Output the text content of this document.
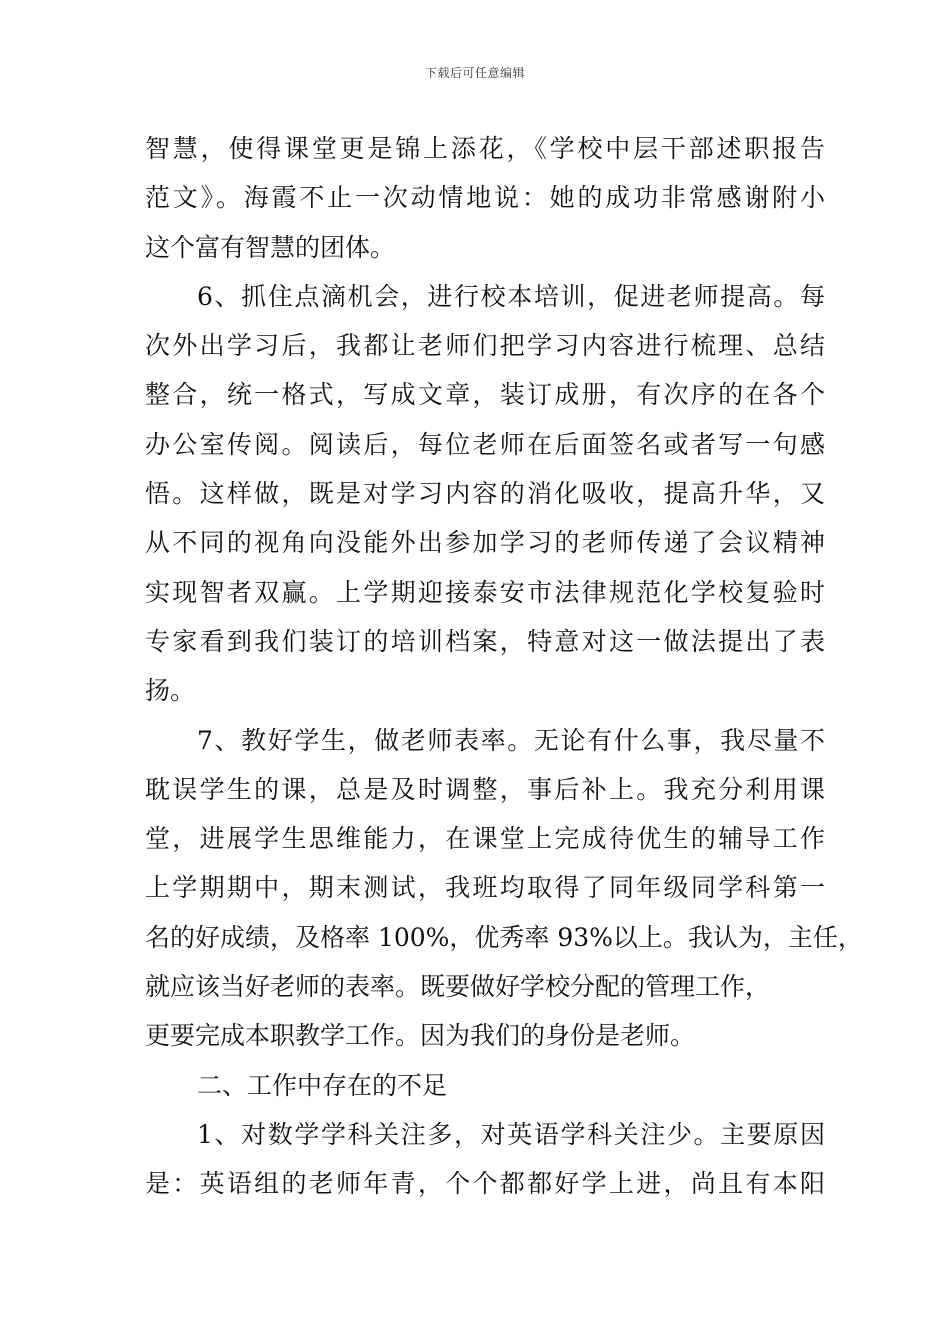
下载后可任意编辑
智慧，使得课堂更是锦上添花，《学校中层干部述职报告
范文》。海霞不止一次动情地说：她的成功非常感谢附小
这个富有智慧的团体。
6、抓住点滴机会，进行校本培训，促进老师提高。每
次外出学习后，我都让老师们把学习内容进行梳理、总结
整合，统一格式，写成文章，装订成册，有次序的在各个
办公室传阅。阅读后，每位老师在后面签名或者写一句感
悟。这样做，既是对学习内容的消化吸收，提高升华，又
从不同的视角向没能外出参加学习的老师传递了会议精神
实现智者双赢。上学期迎接泰安市法律规范化学校复验时
专家看到我们装订的培训档案，特意对这一做法提出了表
扬。
7、教好学生，做老师表率。无论有什么事，我尽量不
耽误学生的课，总是及时调整，事后补上。我充分利用课
堂，进展学生思维能力，在课堂上完成待优生的辅导工作
上学期期中，期末测试，我班均取得了同年级同学科第一
名的好成绩，及格率 100%，优秀率 93%以上。我认为，主任，
就应该当好老师的表率。既要做好学校分配的管理工作，
更要完成本职教学工作。因为我们的身份是老师。
二、工作中存在的不足
1、对数学学科关注多，对英语学科关注少。主要原因
是：英语组的老师年青，个个都都好学上进，尚且有本阳
